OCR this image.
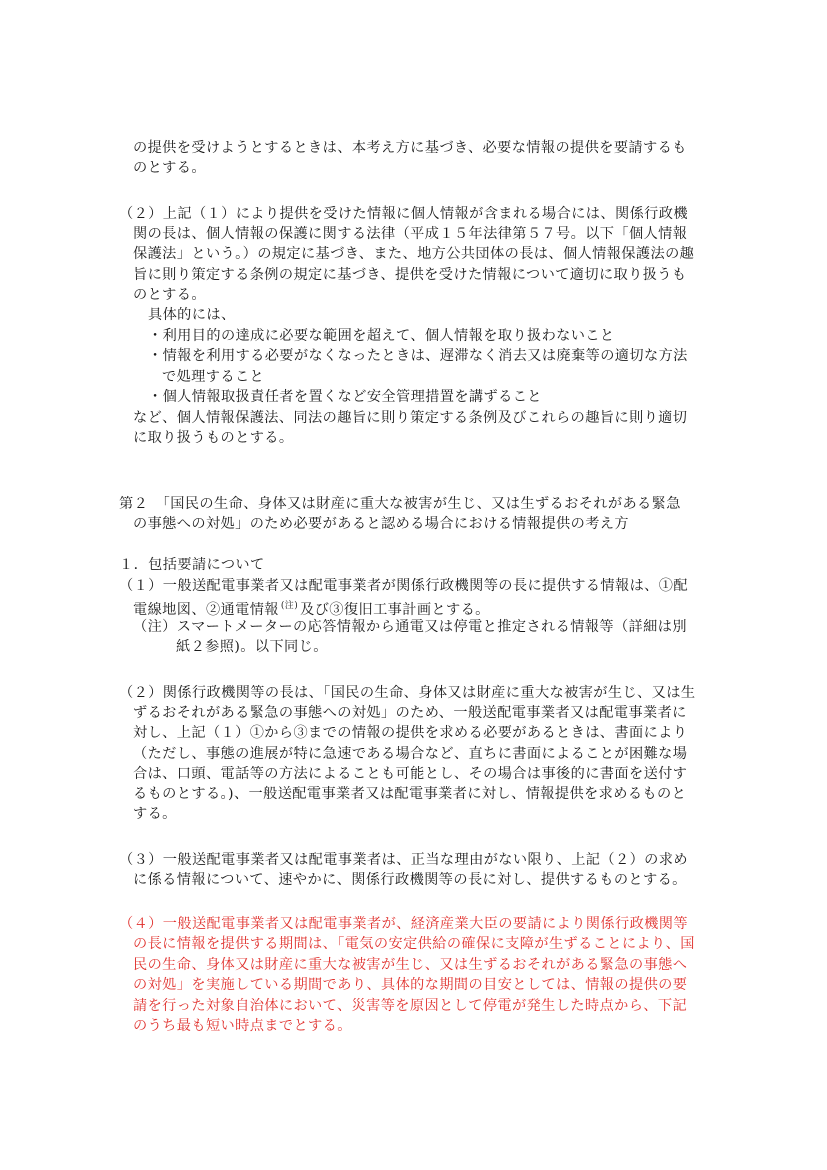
の提供を受けようとするときは、本考え方に基づき、必要な情報の提供を要請するも
のとする。
（２）上記（１）により提供を受けた情報に個人情報が含まれる場合には、関係行政機
関の長は、個人情報の保護に関する法律（平成１５年法律第５７号。以下「個人情報
保護法」という。）の規定に基づき、また、地方公共団体の長は、個人情報保護法の趣
旨に則り策定する条例の規定に基づき、提供を受けた情報について適切に取り扱うも
のとする。
具体的には、
・利用目的の達成に必要な範囲を超えて、個人情報を取り扱わないこと
・情報を利用する必要がなくなったときは、遅滞なく消去又は廃棄等の適切な方法
で処理すること
・個人情報取扱責任者を置くなど安全管理措置を講ずること
など、個人情報保護法、同法の趣旨に則り策定する条例及びこれらの趣旨に則り適切
に取り扱うものとする。
第２　「国民の生命、身体又は財産に重大な被害が生じ、又は生ずるおそれがある緊急
の事態への対処」のため必要があると認める場合における情報提供の考え方
１．包括要請について
（１）一般送配電事業者又は配電事業者が関係行政機関等の長に提供する情報は、①配
電線地図、②通電情報 $^{(注)}$ 及び③復旧工事計画とする。
（注）スマートメーターの応答情報から通電又は停電と推定される情報等（詳細は別
紙２参照)。以下同じ。
（２）関係行政機関等の長は、「国民の生命、身体又は財産に重大な被害が生じ、又は生
ずるおそれがある緊急の事態への対処」のため、一般送配電事業者又は配電事業者に
対し、上記（１）①から③までの情報の提供を求める必要があるときは、書面により
（ただし、事態の進展が特に急速である場合など、直ちに書面によることが困難な場
合は、口頭、電話等の方法によることも可能とし、その場合は事後的に書面を送付す
るものとする。)、一般送配電事業者又は配電事業者に対し、情報提供を求めるものと
する。
（３）一般送配電事業者又は配電事業者は、正当な理由がない限り、上記（２）の求め
に係る情報について、速やかに、関係行政機関等の長に対し、提供するものとする。
（４）一般送配電事業者又は配電事業者が、経済産業大臣の要請により関係行政機関等
の長に情報を提供する期間は、「電気の安定供給の確保に支障が生ずることにより、国
民の生命、身体又は財産に重大な被害が生じ、又は生ずるおそれがある緊急の事態へ
の対処」を実施している期間であり、具体的な期間の目安としては、情報の提供の要
請を行った対象自治体において、災害等を原因として停電が発生した時点から、下記
のうち最も短い時点までとする。
